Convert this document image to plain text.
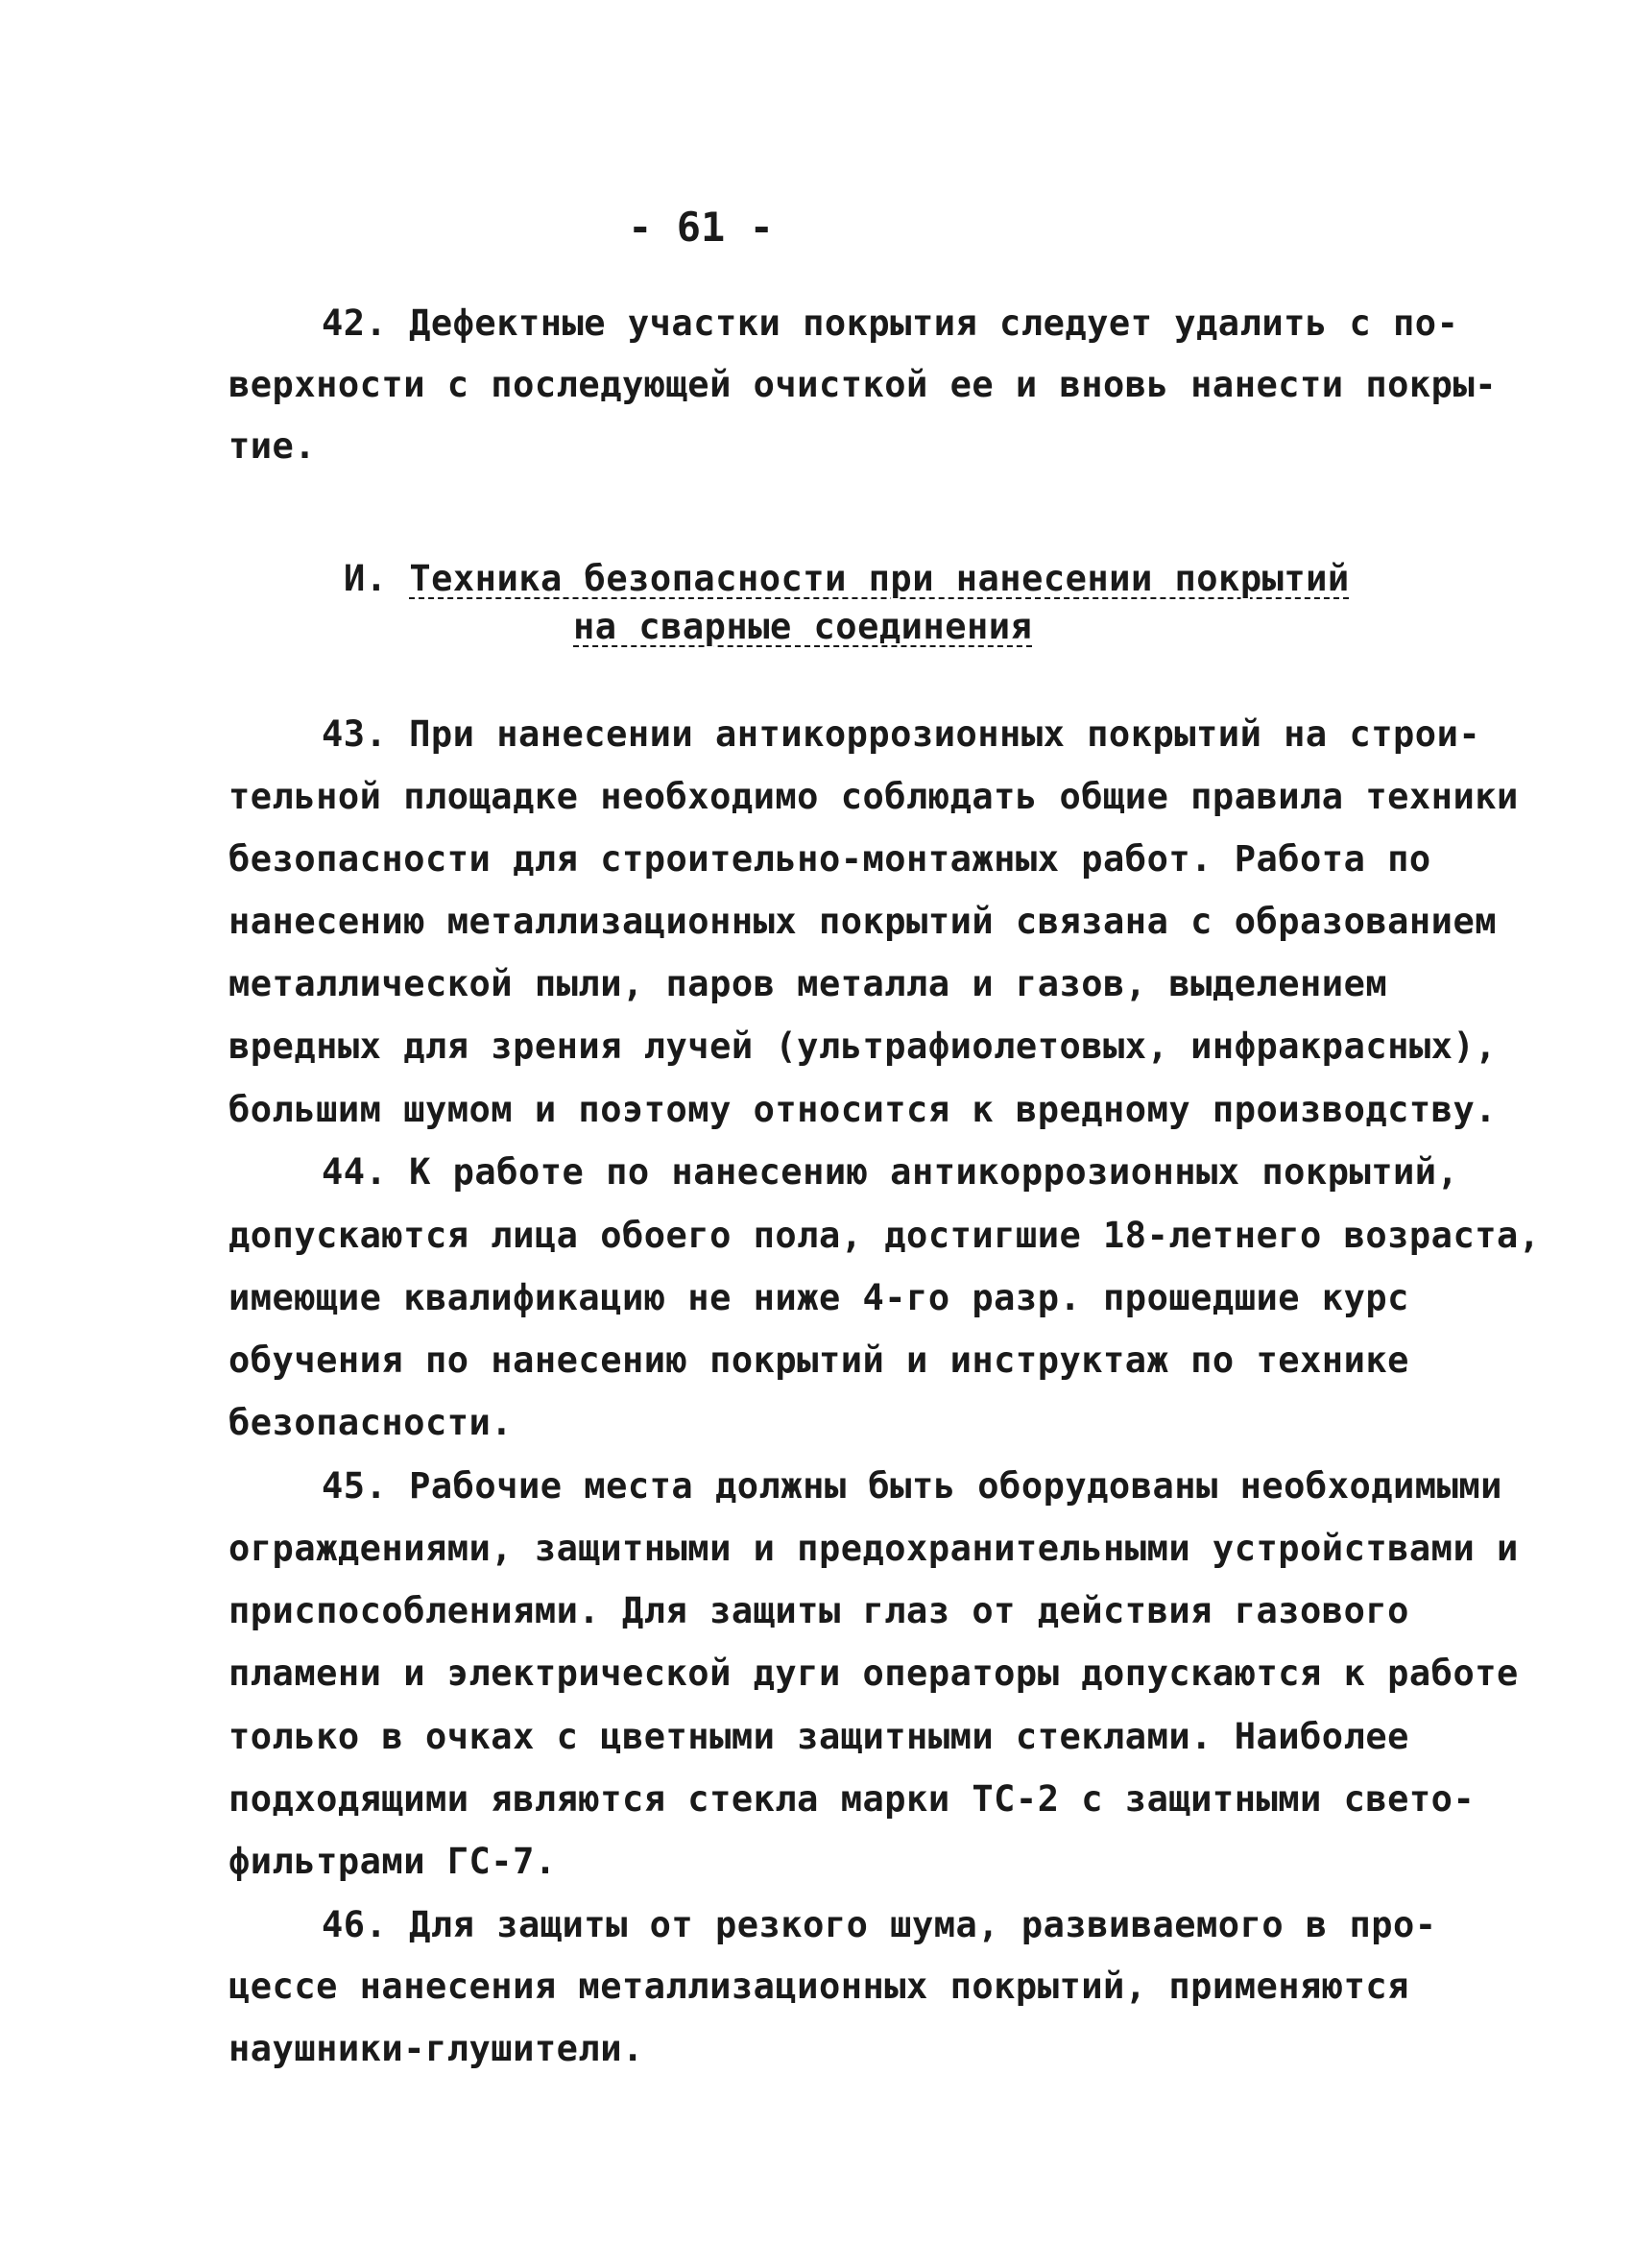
- 61 -
42. Дефектные участки покрытия следует удалить с по-
верхности с последующей очисткой ее и вновь нанести покры-
тие.
И. Техника безопасности при нанесении покрытий
на сварные соединения
43. При нанесении антикоррозионных покрытий на строи-
тельной площадке необходимо соблюдать общие правила техники
безопасности для строительно-монтажных работ. Работа по
нанесению металлизационных покрытий связана с образованием
металлической пыли, паров металла и газов, выделением
вредных для зрения лучей (ультрафиолетовых, инфракрасных),
большим шумом и поэтому относится к вредному производству.
44. К работе по нанесению антикоррозионных покрытий,
допускаются лица обоего пола, достигшие 18-летнего возраста,
имеющие квалификацию не ниже 4-го разр. прошедшие курс
обучения по нанесению покрытий и инструктаж по технике
безопасности.
45. Рабочие места должны быть оборудованы необходимыми
ограждениями, защитными и предохранительными устройствами и
приспособлениями. Для защиты глаз от действия газового
пламени и электрической дуги операторы допускаются к работе
только в очках с цветными защитными стеклами. Наиболее
подходящими являются стекла марки ТС-2 с защитными свето-
фильтрами ГС-7.
46. Для защиты от резкого шума, развиваемого в про-
цессе нанесения металлизационных покрытий, применяются
наушники-глушители.
